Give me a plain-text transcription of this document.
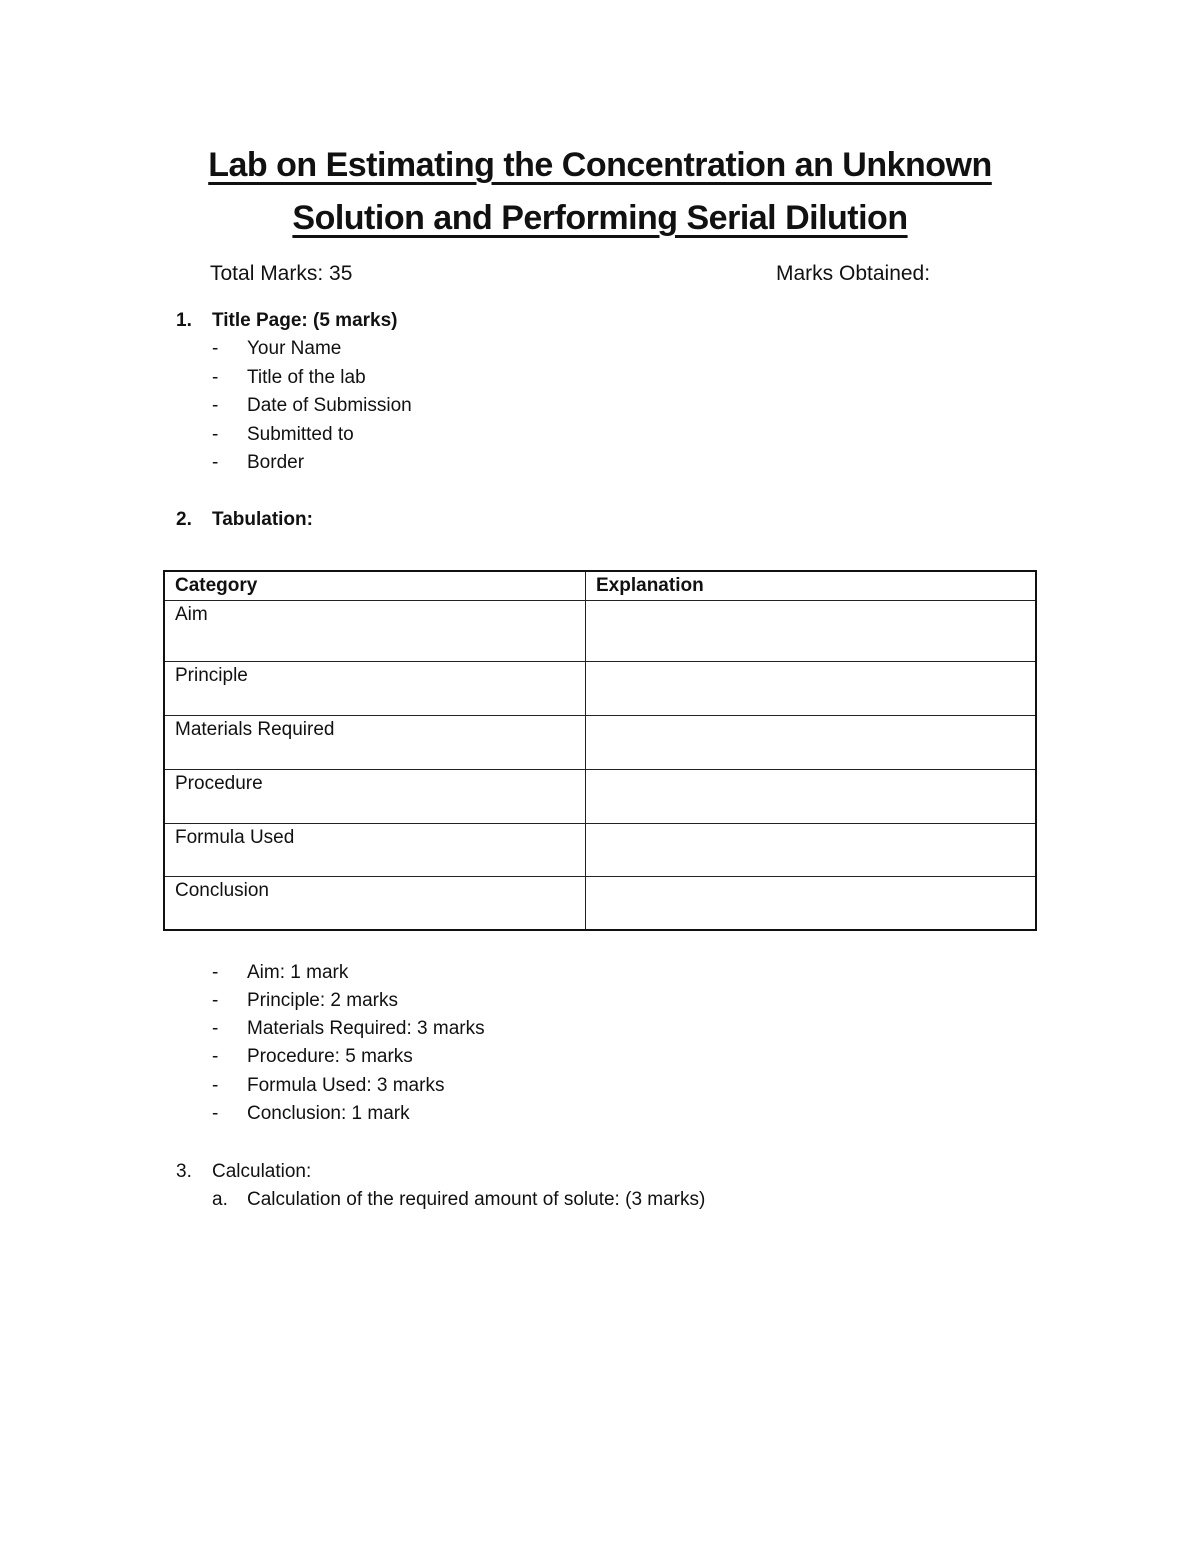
Lab on Estimating the Concentration an Unknown
Solution and Performing Serial Dilution
Total Marks: 35	Marks Obtained:
1. Title Page: (5 marks)
- Your Name
- Title of the lab
- Date of Submission
- Submitted to
- Border
2. Tabulation:
Category	Explanation
Aim	
Principle	
Materials Required	
Procedure	
Formula Used	
Conclusion	
- Aim: 1 mark
- Principle: 2 marks
- Materials Required: 3 marks
- Procedure: 5 marks
- Formula Used: 3 marks
- Conclusion: 1 mark
3. Calculation:
a. Calculation of the required amount of solute: (3 marks)
